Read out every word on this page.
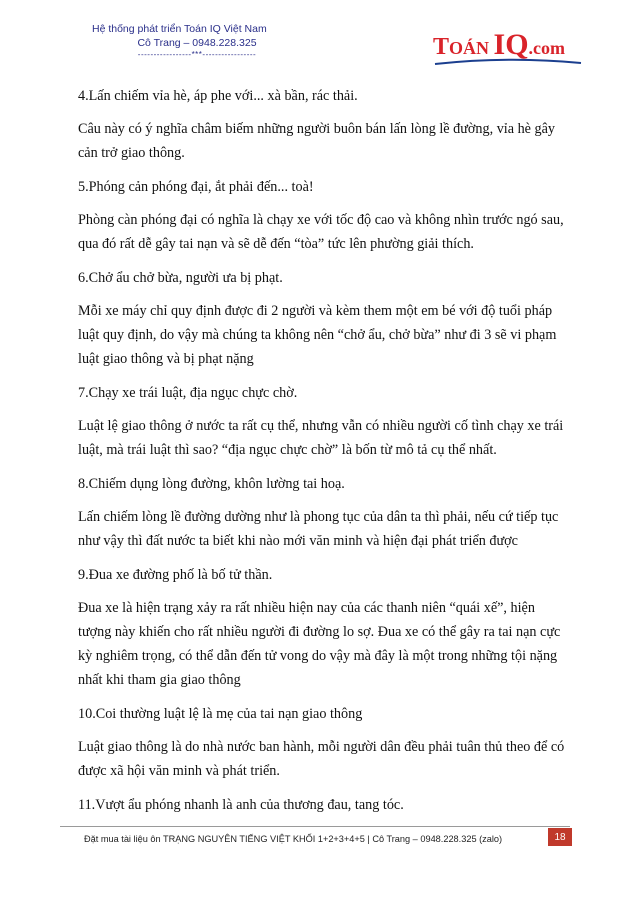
Hệ thống phát triển Toán IQ Việt Nam
Cô Trang – 0948.228.325
-----------------***-----------------	TOÁN IQ.com

4.Lấn chiếm vỉa hè, áp phe với... xà bần, rác thải.

Câu này có ý nghĩa châm biếm những người buôn bán lấn lòng lề đường, vỉa hè gây cản trở giao thông.

5.Phóng cản phóng đại, ắt phải đến... toà!

Phòng càn phóng đại có nghĩa là chạy xe với tốc độ cao và không nhìn trước ngó sau, qua đó rất dễ gây tai nạn và sẽ dễ đến “tòa” tức lên phường giải thích.

6.Chở ẩu chở bừa, người ưa bị phạt.

Mỗi xe máy chỉ quy định được đi 2 người và kèm them một em bé với độ tuổi pháp luật quy định, do vậy mà chúng ta không nên “chở ẩu, chở bừa” như đi 3 sẽ vi phạm luật giao thông và bị phạt nặng

7.Chạy xe trái luật, địa ngục chực chờ.

Luật lệ giao thông ở nước ta rất cụ thể, nhưng vẫn có nhiều người cố tình chạy xe trái luật, mà trái luật thì sao? “địa ngục chực chờ” là bốn từ mô tả cụ thể nhất.

8.Chiếm dụng lòng đường, khôn lường tai hoạ.

Lấn chiếm lòng lề đường dường như là phong tục của dân ta thì phải, nếu cứ tiếp tục như vậy thì đất nước ta biết khi nào mới văn minh và hiện đại phát triển được

9.Đua xe đường phố là bố tử thần.

Đua xe là hiện trạng xảy ra rất nhiều hiện nay của các thanh niên “quái xế”, hiện tượng này khiến cho rất nhiều người đi đường lo sợ. Đua xe có thể gây ra tai nạn cực kỳ nghiêm trọng, có thể dẫn đến tử vong do vậy mà đây là một trong những tội nặng nhất khi tham gia giao thông

10.Coi thường luật lệ là mẹ của tai nạn giao thông

Luật giao thông là do nhà nước ban hành, mỗi người dân đều phải tuân thủ theo để có được xã hội văn minh và phát triển.

11.Vượt ẩu phóng nhanh là anh của thương đau, tang tóc.

Đặt mua tài liệu ôn TRẠNG NGUYÊN TIẾNG VIỆT KHỐI 1+2+3+4+5 | Cô Trang – 0948.228.325 (zalo)	18
